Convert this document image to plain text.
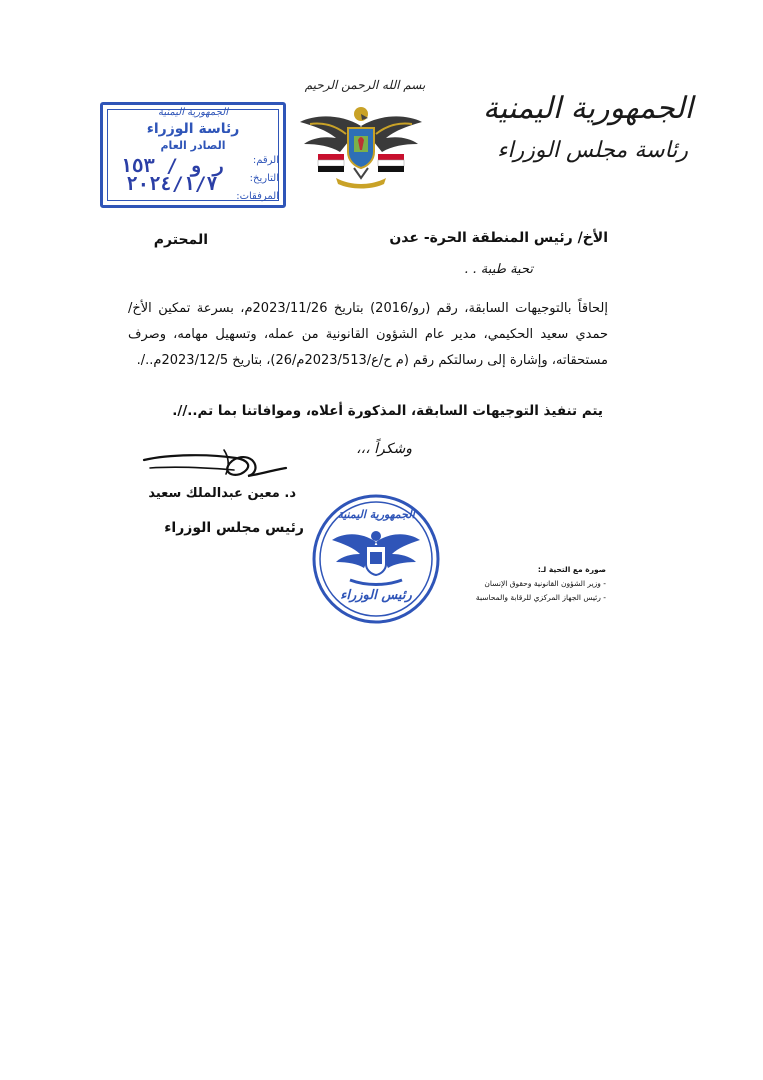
الجمهورية اليمنية
رئاسة مجلس الوزراء
بسم الله الرحمن الرحيم
الجمهورية اليمنية
رئاسة الوزراء
الصادر العام
الرقم:
ر و / ١٥٣
التاريخ:
٢٠٢٤/١/٧
المرفقات:
الأخ/ رئيس المنطقة الحرة- عدن
المحترم
تحية طيبة . .
إلحاقاً بالتوجيهات السابقة، رقم (رو/2016) بتاريخ 2023/11/26م، بسرعة تمكين الأخ/ حمدي سعيد الحكيمي، مدير عام الشؤون القانونية من عمله، وتسهيل مهامه، وصرف مستحقاته، وإشارة إلى رسالتكم رقم (م ح/ع/2023/513م/26)، بتاريخ 2023/12/5م../.
يتم تنفيذ التوجيهات السابقة، المذكورة أعلاه، وموافاتنا بما تم..//.
وشكراً ،،،
د. معين عبدالملك سعيد
رئيس مجلس الوزراء
الجمهورية اليمنية
رئيس الوزراء
صورة مع التحية لـ:
- وزير الشؤون القانونية وحقوق الإنسان
- رئيس الجهاز المركزي للرقابة والمحاسبة
